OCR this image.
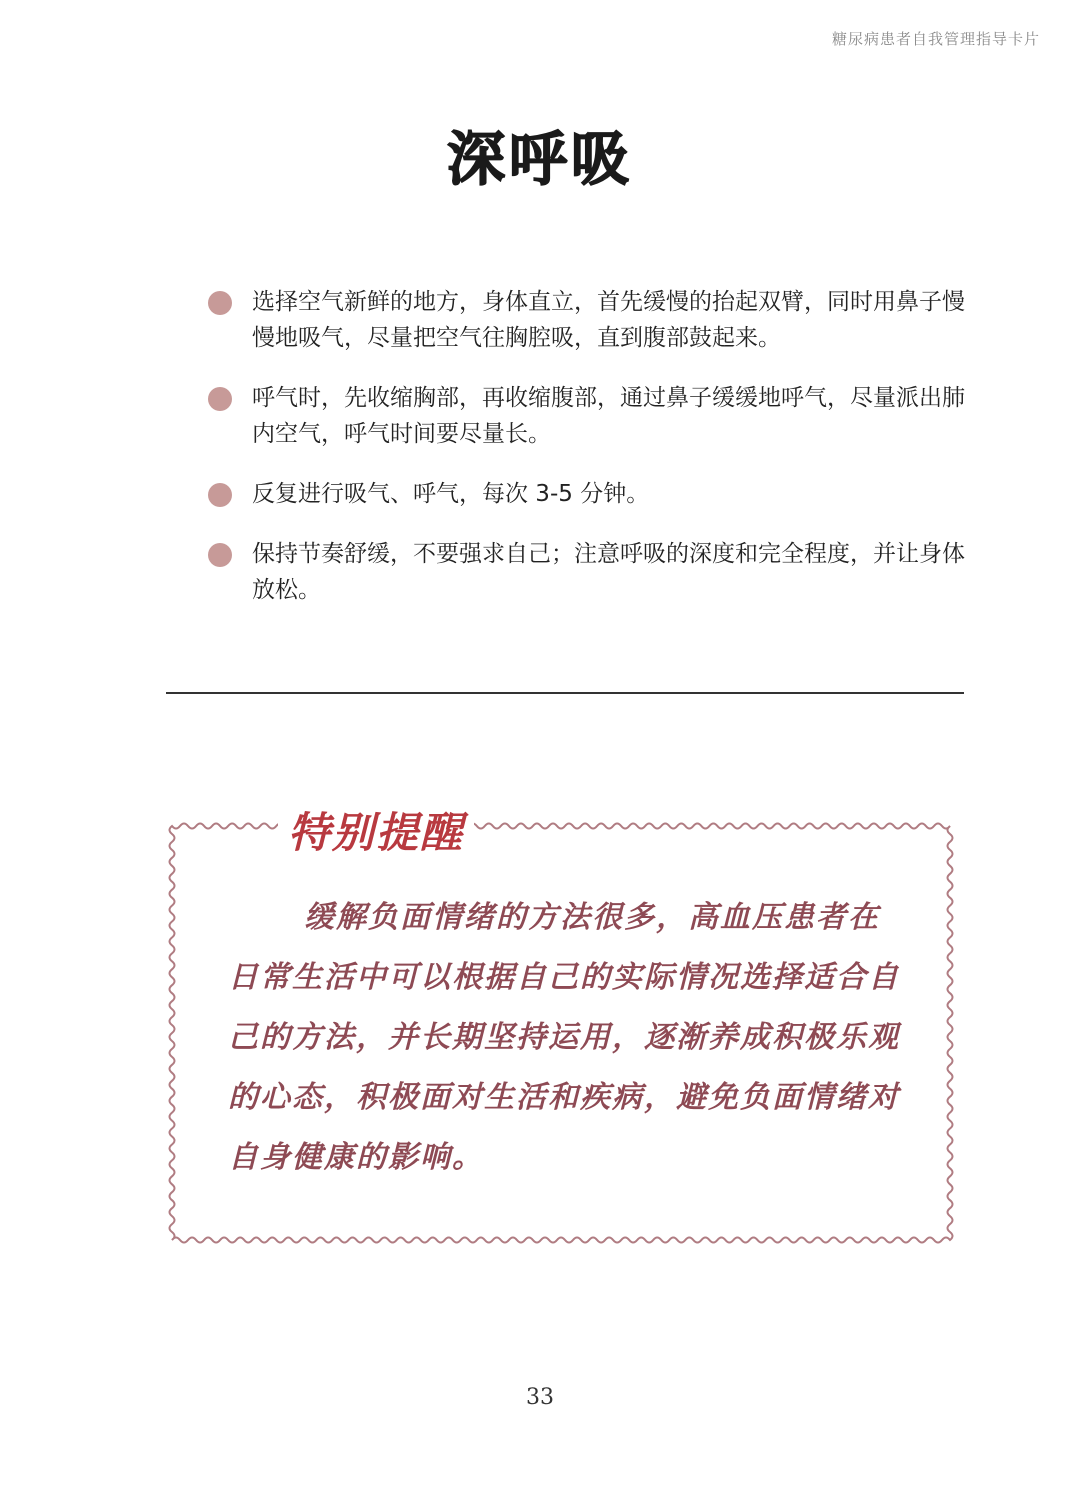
糖尿病患者自我管理指导卡片
深呼吸
选择空气新鲜的地方，身体直立，首先缓慢的抬起双臂，同时用鼻子慢慢地吸气，尽量把空气往胸腔吸，直到腹部鼓起来。
呼气时，先收缩胸部，再收缩腹部，通过鼻子缓缓地呼气，尽量派出肺内空气，呼气时间要尽量长。
反复进行吸气、呼气，每次 3-5 分钟。
保持节奏舒缓，不要强求自己；注意呼吸的深度和完全程度，并让身体放松。
特别提醒

缓解负面情绪的方法很多，高血压患者在日常生活中可以根据自己的实际情况选择适合自己的方法，并长期坚持运用，逐渐养成积极乐观的心态，积极面对生活和疾病，避免负面情绪对自身健康的影响。

33
